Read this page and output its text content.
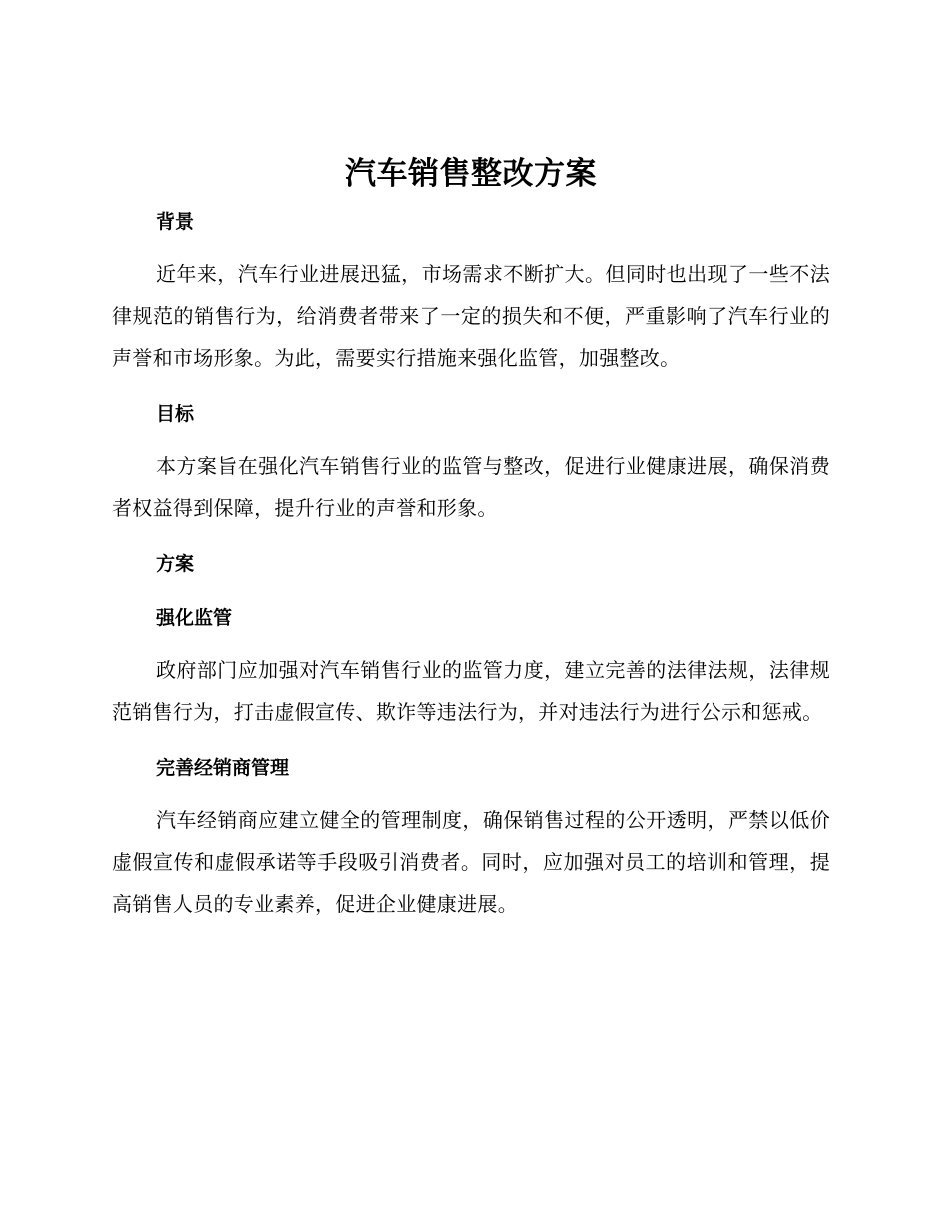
汽车销售整改方案
背景

近年来，汽车行业进展迅猛，市场需求不断扩大。但同时也出现了一些不法律规范的销售行为，给消费者带来了一定的损失和不便，严重影响了汽车行业的声誉和市场形象。为此，需要实行措施来强化监管，加强整改。

目标

本方案旨在强化汽车销售行业的监管与整改，促进行业健康进展，确保消费者权益得到保障，提升行业的声誉和形象。

方案
强化监管

政府部门应加强对汽车销售行业的监管力度，建立完善的法律法规，法律规范销售行为，打击虚假宣传、欺诈等违法行为，并对违法行为进行公示和惩戒。

完善经销商管理

汽车经销商应建立健全的管理制度，确保销售过程的公开透明，严禁以低价虚假宣传和虚假承诺等手段吸引消费者。同时，应加强对员工的培训和管理，提高销售人员的专业素养，促进企业健康进展。
